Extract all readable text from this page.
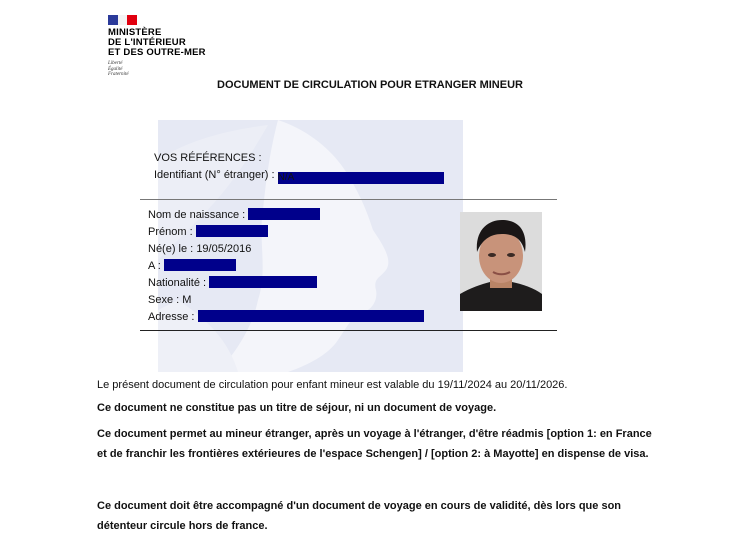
MINISTÈRE
DE L'INTÉRIEUR
ET DES OUTRE-MER
Liberté
Égalité
Fraternité
DOCUMENT DE CIRCULATION POUR ETRANGER MINEUR
VOS RÉFÉRENCES :
Identifiant (N° étranger) : N/A
Nom de naissance :
Prénom :
Né(e) le : 19/05/2016
A :
Nationalité :
Sexe : M
Adresse :
Le présent document de circulation pour enfant mineur est valable du 19/11/2024 au 20/11/2026.
Ce document ne constitue pas un titre de séjour, ni un document de voyage.
Ce document permet au mineur étranger, après un voyage à l'étranger, d'être réadmis [option 1: en France et de franchir les frontières extérieures de l'espace Schengen] / [option 2: à Mayotte] en dispense de visa.
Ce document doit être accompagné d'un document de voyage en cours de validité, dès lors que son détenteur circule hors de france.
